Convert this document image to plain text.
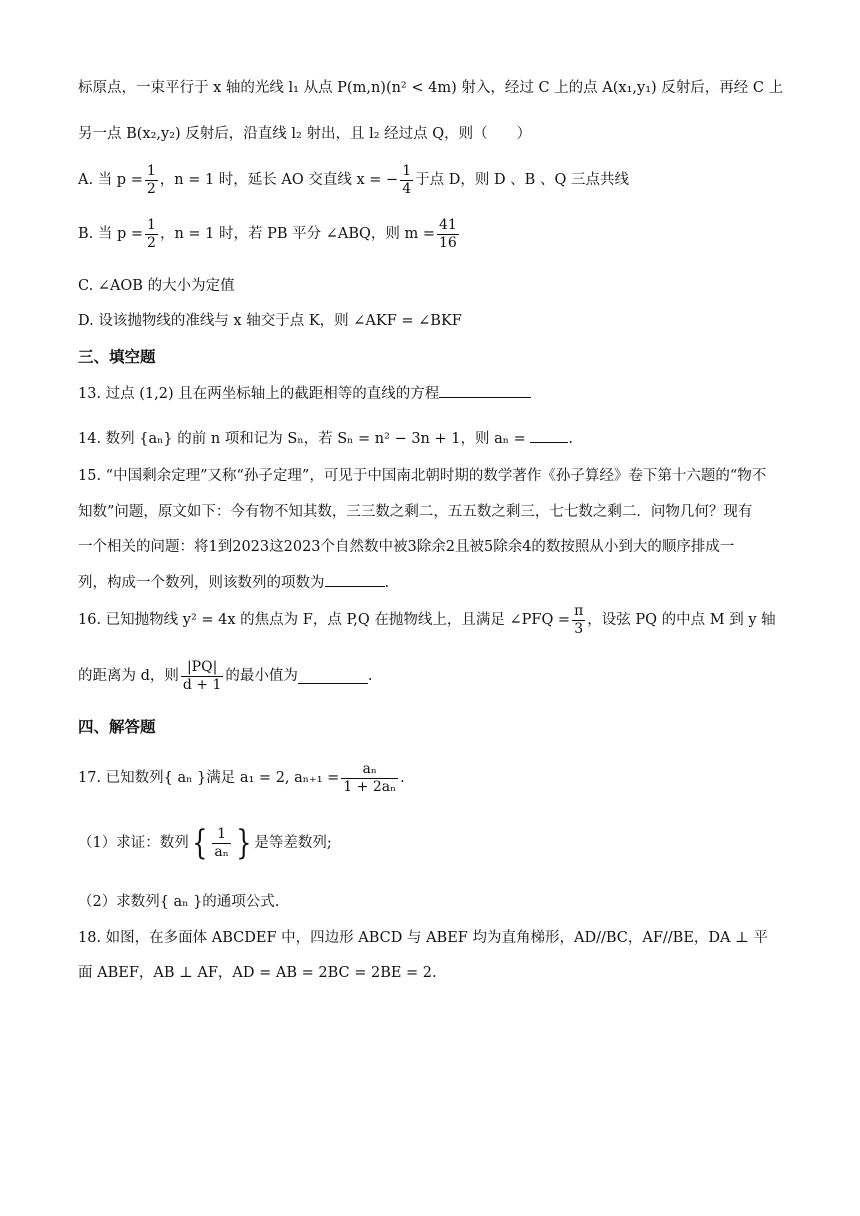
标原点，一束平行于 x 轴的光线 l₁ 从点 P(m,n)(n² < 4m) 射入，经过 C 上的点 A(x₁,y₁) 反射后，再经 C 上
另一点 B(x₂,y₂) 反射后，沿直线 l₂ 射出，且 l₂ 经过点 Q，则（　　）
A. 当 $p = \frac{1}{2}$ ，n = 1 时，延长 AO 交直线 x = − $\frac{1}{4}$ 于点 D，则 D 、B 、Q 三点共线
B. 当 $p = \frac{1}{2}$ ，n = 1 时，若 PB 平分 ∠ABQ，则 $m = \frac{41}{16}$
C. ∠AOB 的大小为定值
D. 设该抛物线的准线与 x 轴交于点 K，则 ∠AKF = ∠BKF
三、填空题
13. 过点 (1,2) 且在两坐标轴上的截距相等的直线的方程
14. 数列 {aₙ} 的前 n 项和记为 Sₙ，若 Sₙ = n² − 3n + 1，则 aₙ =	.
15. “中国剩余定理”又称“孙子定理”，可见于中国南北朝时期的数学著作《孙子算经》卷下第十六题的“物不
知数”问题，原文如下：今有物不知其数，三三数之剩二，五五数之剩三，七七数之剩二．问物几何？现有
一个相关的问题：将1到2023这2023个自然数中被3除余2且被5除余4的数按照从小到大的顺序排成一
列，构成一个数列，则该数列的项数为	.
16. 已知抛物线 y² = 4x 的焦点为 F，点 P,Q 在抛物线上，且满足 ∠PFQ = $\frac{\pi}{3}$ ，设弦 PQ 的中点 M 到 y 轴
的距离为 d，则 $\frac{|PQ|}{d + 1}$ 的最小值为	.
四、解答题
17. 已知数列{ aₙ }满足 a₁ = 2, $a_{n+1} = \frac{\text{aₙ}}{\text{1 + 2aₙ}}$ .
（1）求证：数列 { $\frac{1}{\text{aₙ}}$ } 是等差数列;
（2）求数列{ aₙ }的通项公式.
18. 如图，在多面体 ABCDEF 中，四边形 ABCD 与 ABEF 均为直角梯形，AD//BC，AF//BE，DA ⊥ 平
面 ABEF，AB ⊥ AF，AD = AB = 2BC = 2BE = 2.
